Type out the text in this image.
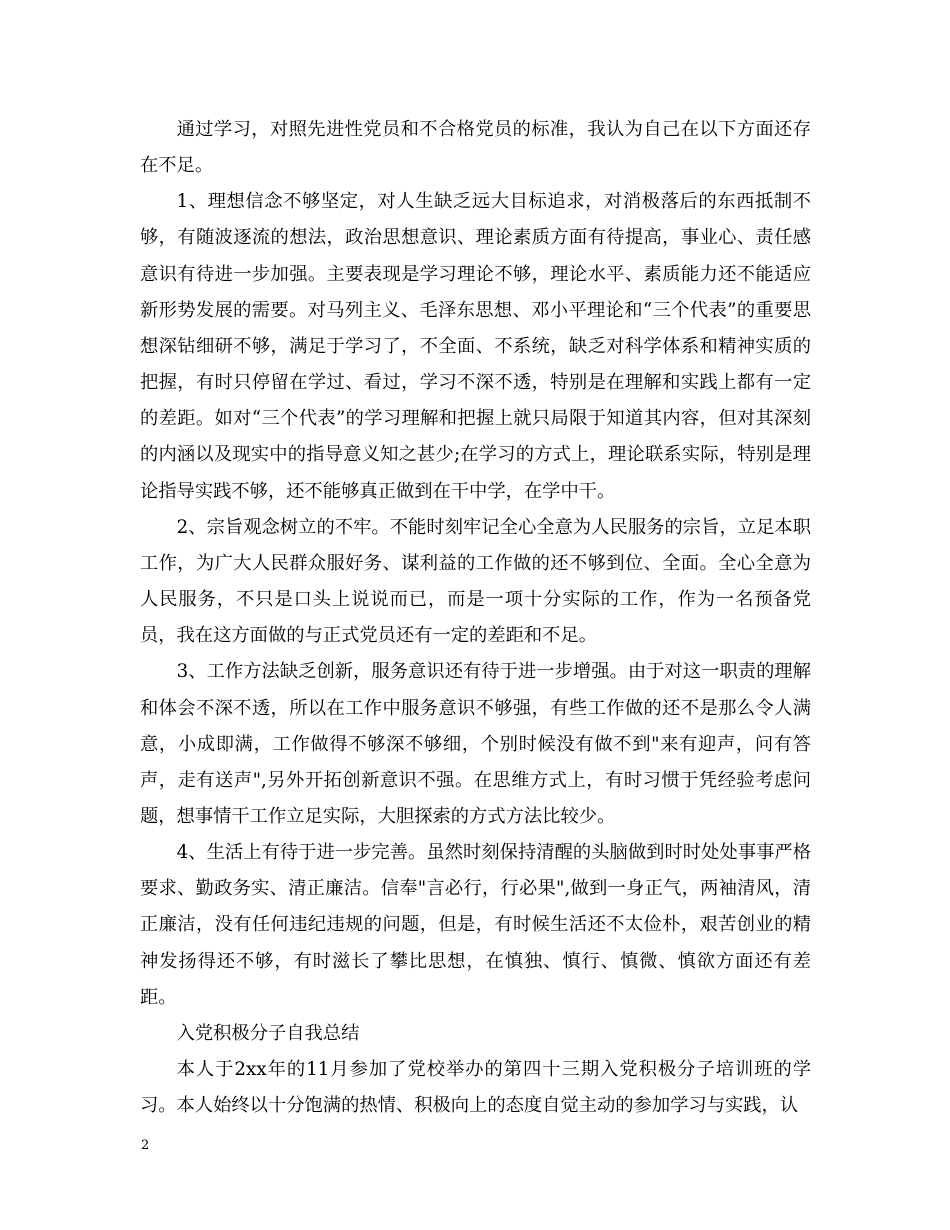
通过学习，对照先进性党员和不合格党员的标准，我认为自己在以下方面还存在不足。

1、理想信念不够坚定，对人生缺乏远大目标追求，对消极落后的东西抵制不够，有随波逐流的想法，政治思想意识、理论素质方面有待提高，事业心、责任感意识有待进一步加强。主要表现是学习理论不够，理论水平、素质能力还不能适应新形势发展的需要。对马列主义、毛泽东思想、邓小平理论和“三个代表”的重要思想深钻细研不够，满足于学习了，不全面、不系统，缺乏对科学体系和精神实质的把握，有时只停留在学过、看过，学习不深不透，特别是在理解和实践上都有一定的差距。如对“三个代表”的学习理解和把握上就只局限于知道其内容，但对其深刻的内涵以及现实中的指导意义知之甚少;在学习的方式上，理论联系实际，特别是理论指导实践不够，还不能够真正做到在干中学，在学中干。

2、宗旨观念树立的不牢。不能时刻牢记全心全意为人民服务的宗旨，立足本职工作，为广大人民群众服好务、谋利益的工作做的还不够到位、全面。全心全意为人民服务，不只是口头上说说而已，而是一项十分实际的工作，作为一名预备党员，我在这方面做的与正式党员还有一定的差距和不足。

3、工作方法缺乏创新，服务意识还有待于进一步增强。由于对这一职责的理解和体会不深不透，所以在工作中服务意识不够强，有些工作做的还不是那么令人满意，小成即满，工作做得不够深不够细，个别时候没有做不到"来有迎声，问有答声，走有送声",另外开拓创新意识不强。在思维方式上，有时习惯于凭经验考虑问题，想事情干工作立足实际，大胆探索的方式方法比较少。

4、生活上有待于进一步完善。虽然时刻保持清醒的头脑做到时时处处事事严格要求、勤政务实、清正廉洁。信奉"言必行，行必果",做到一身正气，两袖清风，清正廉洁，没有任何违纪违规的问题，但是，有时候生活还不太俭朴，艰苦创业的精神发扬得还不够，有时滋长了攀比思想，在慎独、慎行、慎微、慎欲方面还有差距。

入党积极分子自我总结

本人于2xx年的11月参加了党校举办的第四十三期入党积极分子培训班的学习。本人始终以十分饱满的热情、积极向上的态度自觉主动的参加学习与实践，认

2
